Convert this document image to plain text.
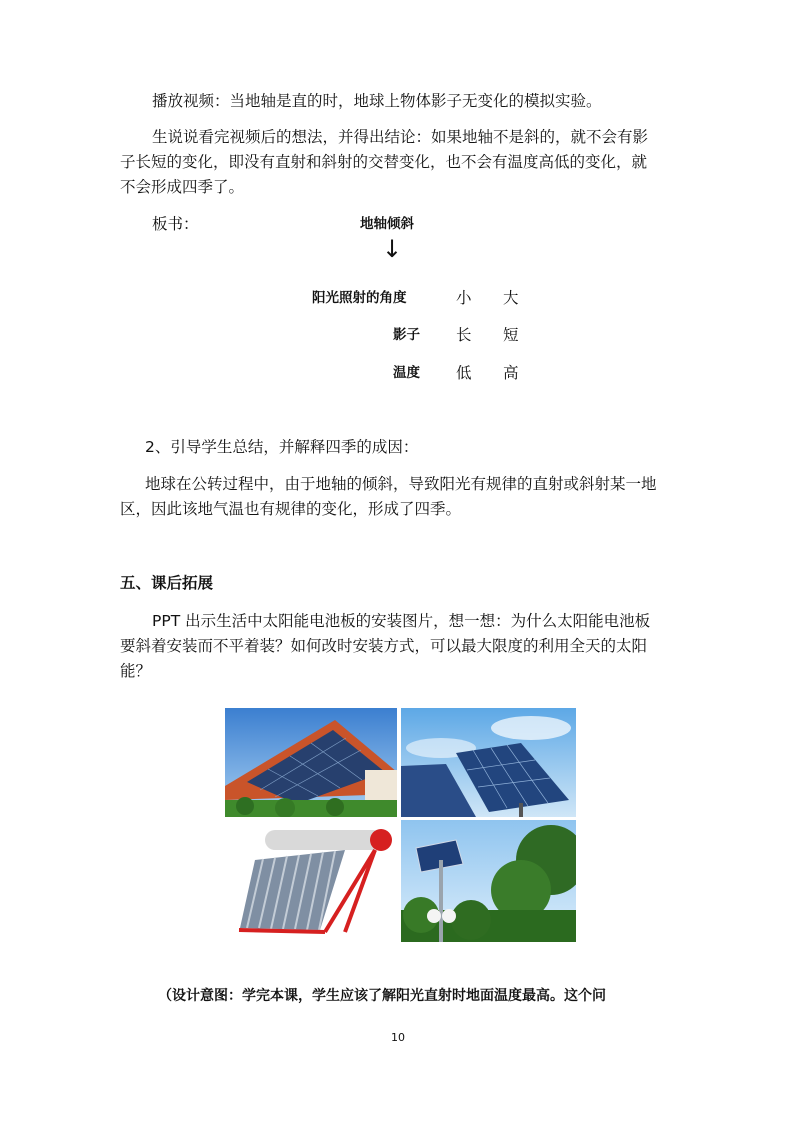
播放视频：当地轴是直的时，地球上物体影子无变化的模拟实验。
生说说看完视频后的想法，并得出结论：如果地轴不是斜的，就不会有影
子长短的变化，即没有直射和斜射的交替变化，也不会有温度高低的变化，就
不会形成四季了。
板书：	地轴倾斜
↓
阳光照射的角度	小 大
影子 长 短
温度 低 高
2、引导学生总结，并解释四季的成因：
地球在公转过程中，由于地轴的倾斜，导致阳光有规律的直射或斜射某一地
区，因此该地气温也有规律的变化，形成了四季。
五、课后拓展
PPT 出示生活中太阳能电池板的安装图片，想一想：为什么太阳能电池板
要斜着安装而不平着装？如何改时安装方式，可以最大限度的利用全天的太阳
能？
（设计意图：学完本课，学生应该了解阳光直射时地面温度最高。这个问
10
